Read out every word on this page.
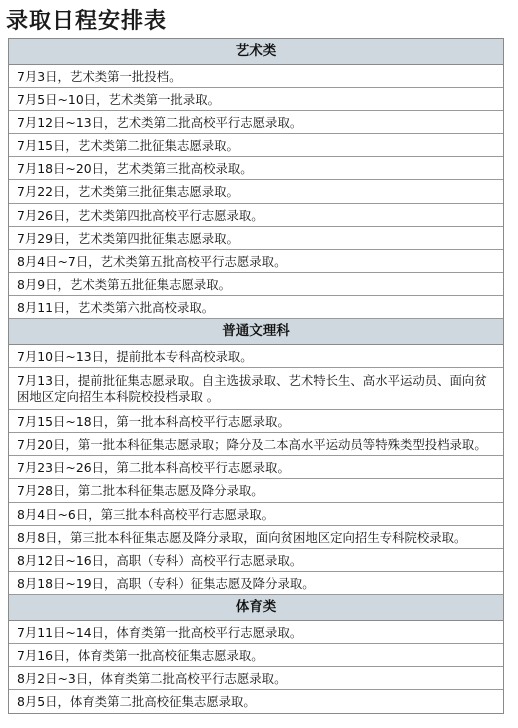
录取日程安排表
艺术类
7月3日，艺术类第一批投档。
7月5日~10日，艺术类第一批录取。
7月12日~13日，艺术类第二批高校平行志愿录取。
7月15日，艺术类第二批征集志愿录取。
7月18日~20日，艺术类第三批高校录取。
7月22日，艺术类第三批征集志愿录取。
7月26日，艺术类第四批高校平行志愿录取。
7月29日，艺术类第四批征集志愿录取。
8月4日~7日，艺术类第五批高校平行志愿录取。
8月9日，艺术类第五批征集志愿录取。
8月11日，艺术类第六批高校录取。
普通文理科
7月10日~13日，提前批本专科高校录取。
7月13日，提前批征集志愿录取。自主选拔录取、艺术特长生、高水平运动员、面向贫困地区定向招生本科院校投档录取 。
7月15日~18日，第一批本科高校平行志愿录取。
7月20日，第一批本科征集志愿录取；降分及二本高水平运动员等特殊类型投档录取。
7月23日~26日，第二批本科高校平行志愿录取。
7月28日，第二批本科征集志愿及降分录取。
8月4日~6日，第三批本科高校平行志愿录取。
8月8日，第三批本科征集志愿及降分录取，面向贫困地区定向招生专科院校录取。
8月12日~16日，高职（专科）高校平行志愿录取。
8月18日~19日，高职（专科）征集志愿及降分录取。
体育类
7月11日~14日，体育类第一批高校平行志愿录取。
7月16日，体育类第一批高校征集志愿录取。
8月2日~3日，体育类第二批高校平行志愿录取。
8月5日，体育类第二批高校征集志愿录取。
